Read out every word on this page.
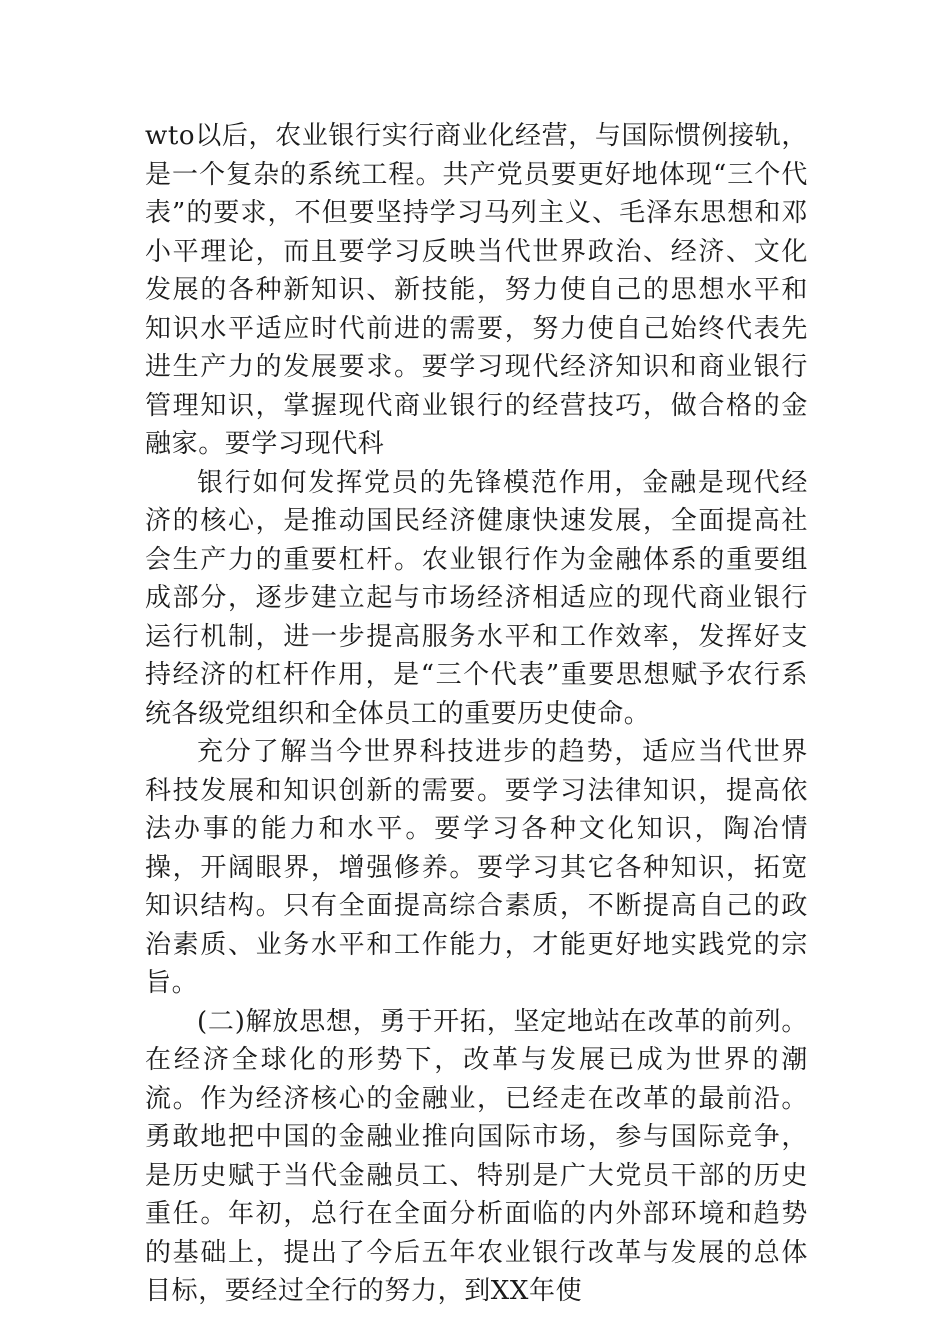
wto以后，农业银行实行商业化经营，与国际惯例接轨，是一个复杂的系统工程。共产党员要更好地体现“三个代表”的要求，不但要坚持学习马列主义、毛泽东思想和邓小平理论，而且要学习反映当代世界政治、经济、文化发展的各种新知识、新技能，努力使自己的思想水平和知识水平适应时代前进的需要，努力使自己始终代表先进生产力的发展要求。要学习现代经济知识和商业银行管理知识，掌握现代商业银行的经营技巧，做合格的金融家。要学习现代科

银行如何发挥党员的先锋模范作用，金融是现代经济的核心，是推动国民经济健康快速发展，全面提高社会生产力的重要杠杆。农业银行作为金融体系的重要组成部分，逐步建立起与市场经济相适应的现代商业银行运行机制，进一步提高服务水平和工作效率，发挥好支持经济的杠杆作用，是“三个代表”重要思想赋予农行系统各级党组织和全体员工的重要历史使命。

充分了解当今世界科技进步的趋势，适应当代世界科技发展和知识创新的需要。要学习法律知识，提高依法办事的能力和水平。要学习各种文化知识，陶冶情操，开阔眼界，增强修养。要学习其它各种知识，拓宽知识结构。只有全面提高综合素质，不断提高自己的政治素质、业务水平和工作能力，才能更好地实践党的宗旨。

(二)解放思想，勇于开拓，坚定地站在改革的前列。在经济全球化的形势下，改革与发展已成为世界的潮流。作为经济核心的金融业，已经走在改革的最前沿。勇敢地把中国的金融业推向国际市场，参与国际竞争，是历史赋于当代金融员工、特别是广大党员干部的历史重任。年初，总行在全面分析面临的内外部环境和趋势的基础上，提出了今后五年农业银行改革与发展的总体目标，要经过全行的努力，到XX年使
